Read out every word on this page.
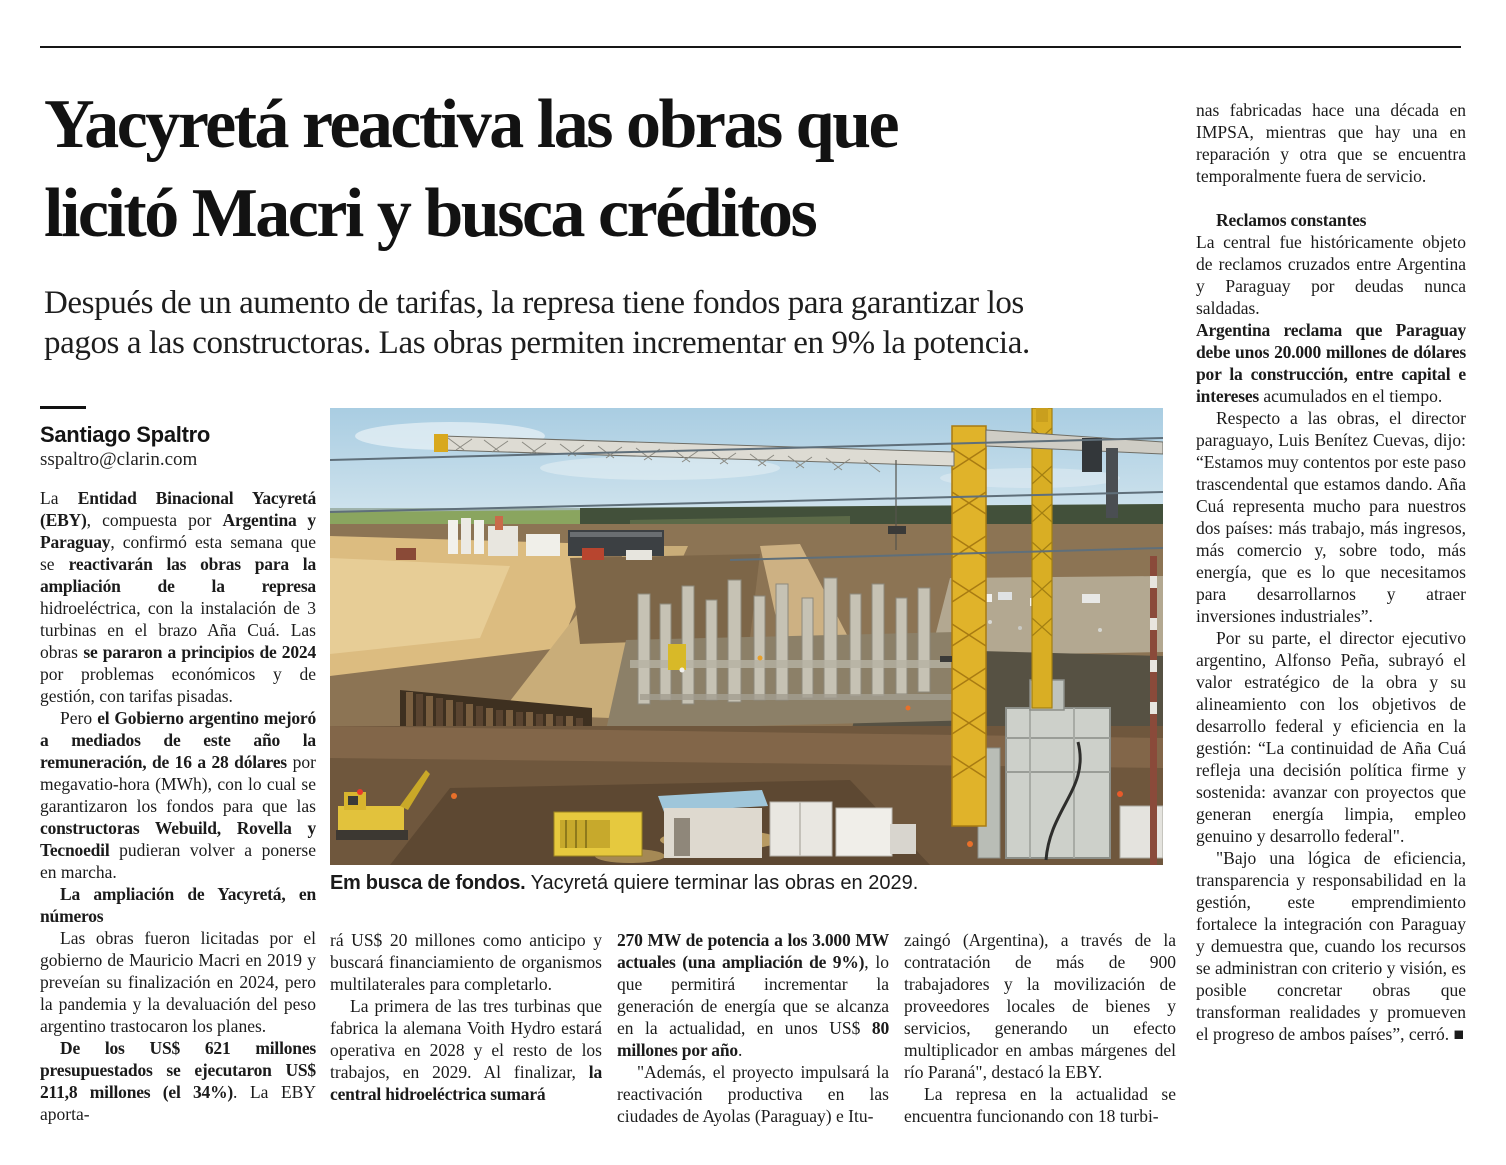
Yacyretá reactiva las obras que
licitó Macri y busca créditos
Después de un aumento de tarifas, la represa tiene fondos para garantizar los
pagos a las constructoras. Las obras permiten incrementar en 9% la potencia.
Santiago Spaltro
sspaltro@clarin.com

La Entidad Binacional Yacyretá (EBY), compuesta por Argentina y Paraguay, confirmó esta semana que se reactivarán las obras para la ampliación de la represa hidroeléctrica, con la instalación de 3 turbinas en el brazo Aña Cuá. Las obras se pararon a principios de 2024 por problemas económicos y de gestión, con tarifas pisadas.

Pero el Gobierno argentino mejoró a mediados de este año la remuneración, de 16 a 28 dólares por megavatio-hora (MWh), con lo cual se garantizaron los fondos para que las constructoras Webuild, Rovella y Tecnoedil pudieran volver a ponerse en marcha.

La ampliación de Yacyretá, en números

Las obras fueron licitadas por el gobierno de Mauricio Macri en 2019 y preveían su finalización en 2024, pero la pandemia y la devaluación del peso argentino trastocaron los planes.

De los US$ 621 millones presupuestados se ejecutaron US$ 211,8 millones (el 34%). La EBY aporta-

rá US$ 20 millones como anticipo y buscará financiamiento de organismos multilaterales para completarlo.

La primera de las tres turbinas que fabrica la alemana Voith Hydro estará operativa en 2028 y el resto de los trabajos, en 2029. Al finalizar, la central hidroeléctrica sumará

270 MW de potencia a los 3.000 MW actuales (una ampliación de 9%), lo que permitirá incrementar la generación de energía que se alcanza en la actualidad, en unos US$ 80 millones por año.

"Además, el proyecto impulsará la reactivación productiva en las ciudades de Ayolas (Paraguay) e Itu-

zaingó (Argentina), a través de la contratación de más de 900 trabajadores y la movilización de proveedores locales de bienes y servicios, generando un efecto multiplicador en ambas márgenes del río Paraná", destacó la EBY.

La represa en la actualidad se encuentra funcionando con 18 turbi-

nas fabricadas hace una década en IMPSA, mientras que hay una en reparación y otra que se encuentra temporalmente fuera de servicio.

Reclamos constantes

La central fue históricamente objeto de reclamos cruzados entre Argentina y Paraguay por deudas nunca saldadas.

Argentina reclama que Paraguay debe unos 20.000 millones de dólares por la construcción, entre capital e intereses acumulados en el tiempo.

Respecto a las obras, el director paraguayo, Luis Benítez Cuevas, dijo: “Estamos muy contentos por este paso trascendental que estamos dando. Aña Cuá representa mucho para nuestros dos países: más trabajo, más ingresos, más comercio y, sobre todo, más energía, que es lo que necesitamos para desarrollarnos y atraer inversiones industriales”.

Por su parte, el director ejecutivo argentino, Alfonso Peña, subrayó el valor estratégico de la obra y su alineamiento con los objetivos de desarrollo federal y eficiencia en la gestión: “La continuidad de Aña Cuá refleja una decisión política firme y sostenida: avanzar con proyectos que generan energía limpia, empleo genuino y desarrollo federal".

"Bajo una lógica de eficiencia, transparencia y responsabilidad en la gestión, este emprendimiento fortalece la integración con Paraguay y demuestra que, cuando los recursos se administran con criterio y visión, es posible concretar obras que transforman realidades y promueven el progreso de ambos países”, cerró. ■

Em busca de fondos. Yacyretá quiere terminar las obras en 2029.
